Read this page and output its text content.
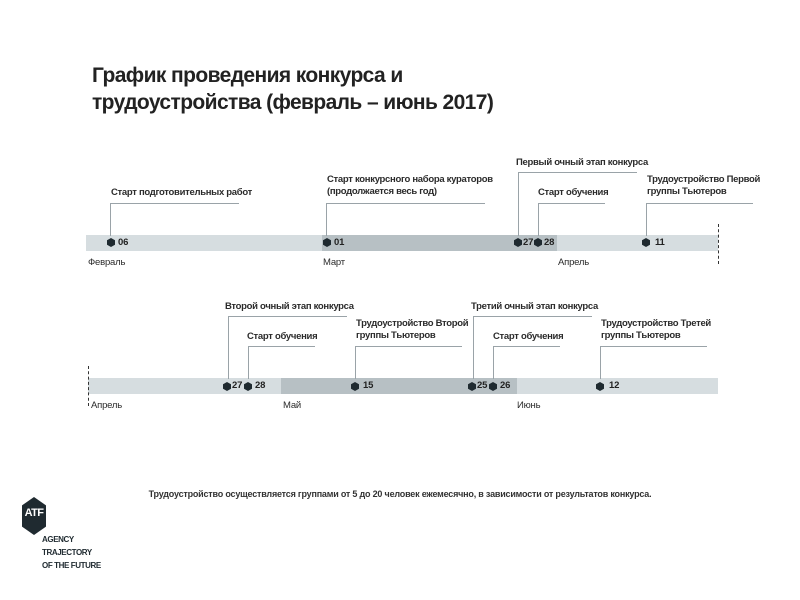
График проведения конкурса и
трудоустройства (февраль – июнь 2017)
Старт подготовительных работ
Старт конкурсного набора кураторов
(продолжается весь год)
Первый очный этап конкурса
Старт обучения
Трудоустройство Первой
группы Тьютеров
06	01	27 28	11
Февраль	Март	Апрель
Второй очный этап конкурса
Старт обучения
Трудоустройство Второй
группы Тьютеров
Третий очный этап конкурса
Старт обучения
Трудоустройство Третей
группы Тьютеров
27 28	15	25 26	12
Апрель	Май	Июнь
Трудоустройство осуществляется группами от 5 до 20 человек ежемесячно, в зависимости от результатов конкурса.
ATF
AGENCY
TRAJECTORY
OF THE FUTURE
